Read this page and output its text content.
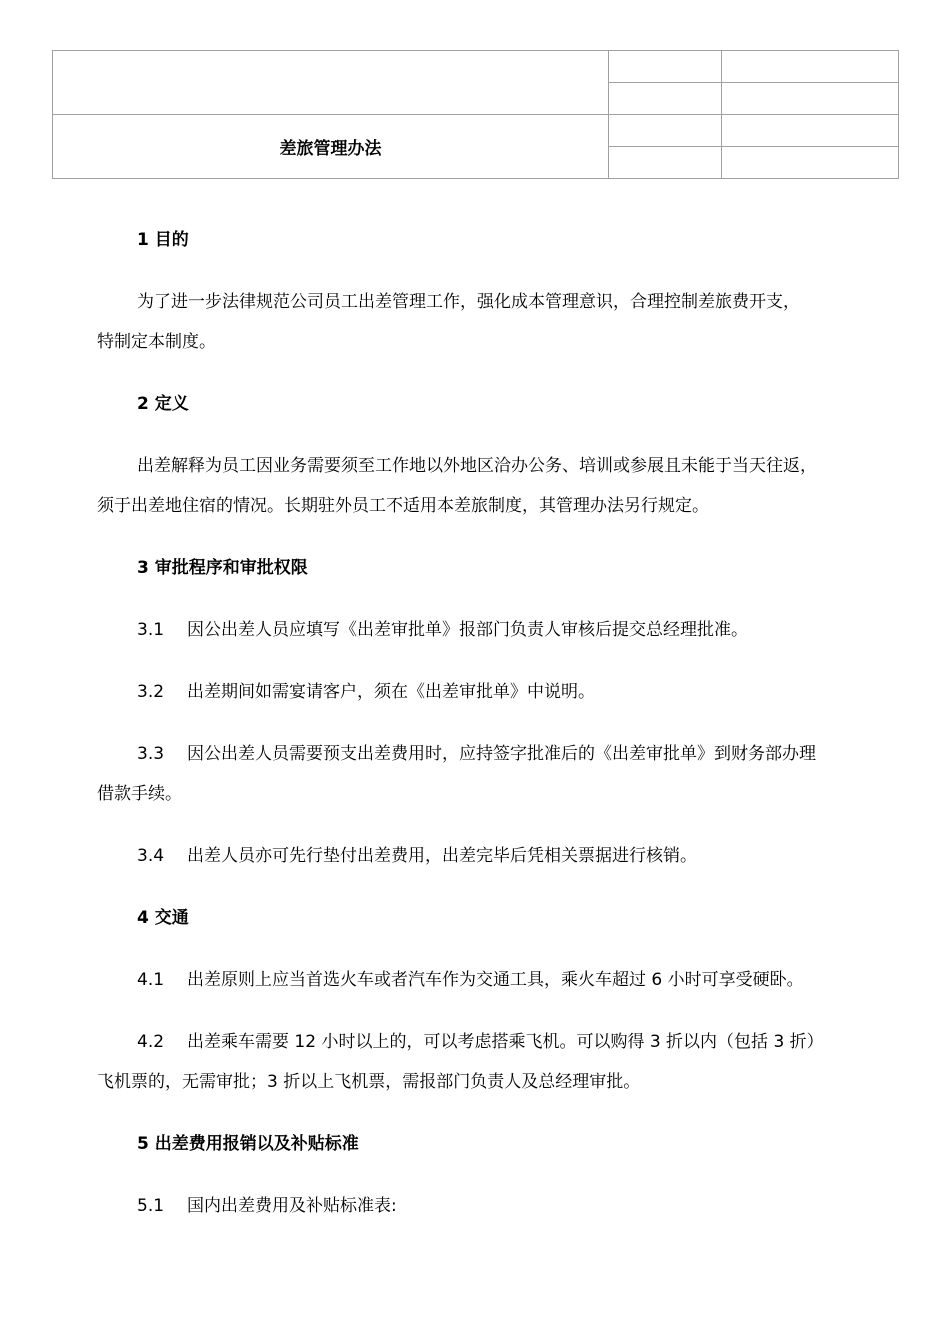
差旅管理办法		

1 目的

为了进一步法律规范公司员工出差管理工作，强化成本管理意识，合理控制差旅费开支，

特制定本制度。

2 定义

出差解释为员工因业务需要须至工作地以外地区洽办公务、培训或参展且未能于当天往返，

须于出差地住宿的情况。长期驻外员工不适用本差旅制度，其管理办法另行规定。

3 审批程序和审批权限

3.1 因公出差人员应填写《出差审批单》报部门负责人审核后提交总经理批准。

3.2 出差期间如需宴请客户，须在《出差审批单》中说明。

3.3 因公出差人员需要预支出差费用时，应持签字批准后的《出差审批单》到财务部办理

借款手续。

3.4 出差人员亦可先行垫付出差费用，出差完毕后凭相关票据进行核销。

4 交通

4.1 出差原则上应当首选火车或者汽车作为交通工具，乘火车超过 6 小时可享受硬卧。

4.2 出差乘车需要 12 小时以上的，可以考虑搭乘飞机。可以购得 3 折以内（包括 3 折）

飞机票的，无需审批；3 折以上飞机票，需报部门负责人及总经理审批。

5 出差费用报销以及补贴标准

5.1 国内出差费用及补贴标准表:
